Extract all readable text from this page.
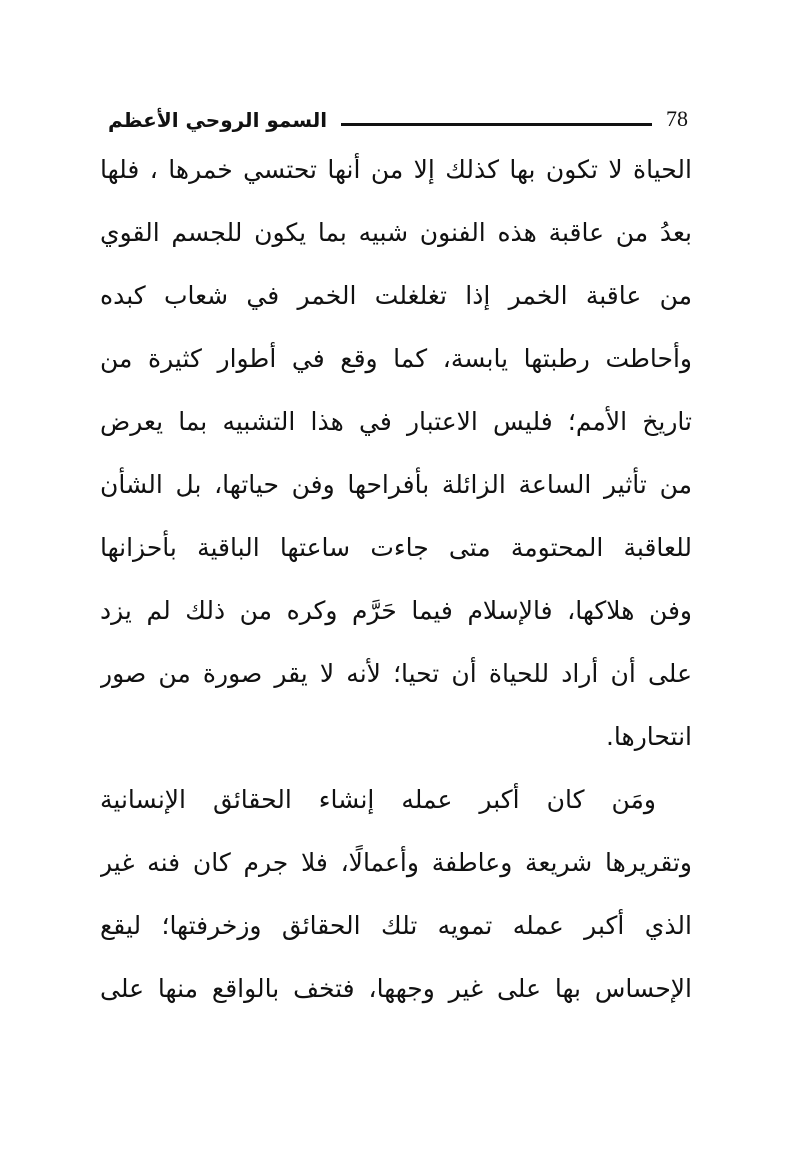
78
السمو الروحي الأعظم
الحياة لا تكون بها كذلك إلا من أنها تحتسي خمرها ، فلها
بعدُ من عاقبة هذه الفنون شبيه بما يكون للجسم القوي
من عاقبة الخمر إذا تغلغلت الخمر في شعاب كبده
وأحاطت رطبتها يابسة، كما وقع في أطوار كثيرة من
تاريخ الأمم؛ فليس الاعتبار في هذا التشبيه بما يعرض
من تأثير الساعة الزائلة بأفراحها وفن حياتها، بل الشأن
للعاقبة المحتومة متى جاءت ساعتها الباقية بأحزانها
وفن هلاكها، فالإسلام فيما حَرَّم وكره من ذلك لم يزد
على أن أراد للحياة أن تحيا؛ لأنه لا يقر صورة من صور
انتحارها.
ومَن كان أكبر عمله إنشاء الحقائق الإنسانية
وتقريرها شريعة وعاطفة وأعمالًا، فلا جرم كان فنه غير
الذي أكبر عمله تمويه تلك الحقائق وزخرفتها؛ ليقع
الإحساس بها على غير وجهها، فتخف بالواقع منها على
